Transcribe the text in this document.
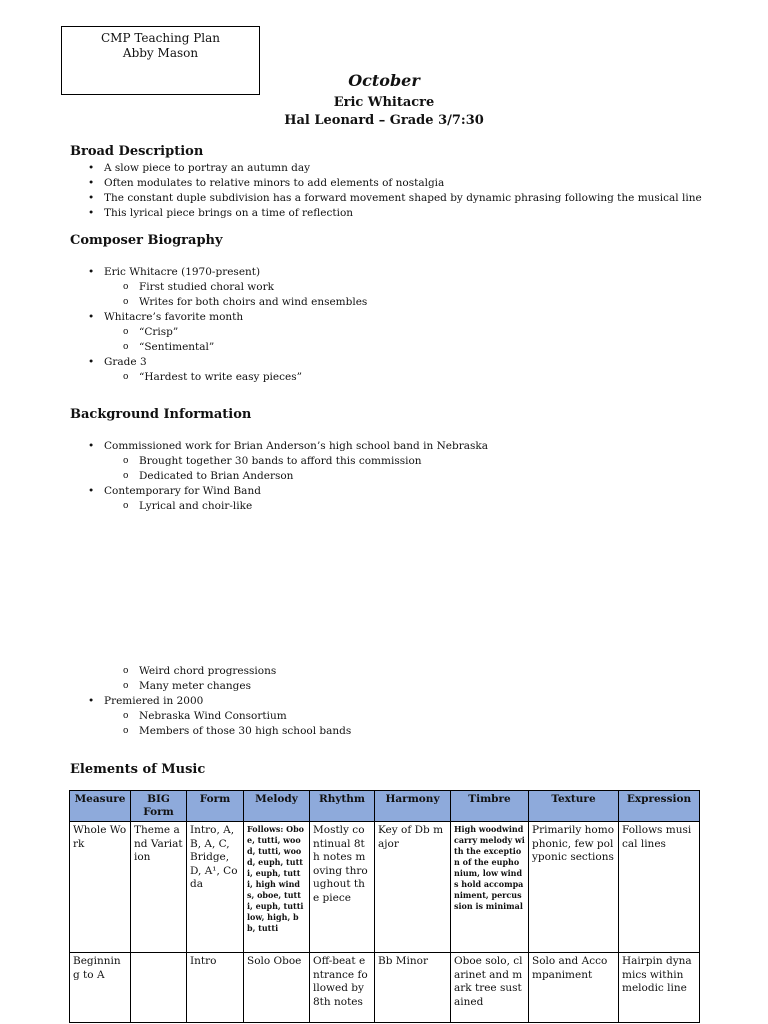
CMP Teaching Plan
Abby Mason
October
Eric Whitacre
Hal Leonard – Grade 3/7:30
Broad Description
• A slow piece to portray an autumn day
• Often modulates to relative minors to add elements of nostalgia
• The constant duple subdivision has a forward movement shaped by dynamic phrasing following the musical line
• This lyrical piece brings on a time of reflection
Composer Biography
• Eric Whitacre (1970-present)
o First studied choral work
o Writes for both choirs and wind ensembles
• Whitacre’s favorite month
o “Crisp”
o “Sentimental”
• Grade 3
o “Hardest to write easy pieces”
Background Information
• Commissioned work for Brian Anderson’s high school band in Nebraska
o Brought together 30 bands to afford this commission
o Dedicated to Brian Anderson
• Contemporary for Wind Band
o Lyrical and choir-like
o Weird chord progressions
o Many meter changes
• Premiered in 2000
o Nebraska Wind Consortium
o Members of those 30 high school bands
Elements of Music
Measure	BIG Form	Form	Melody	Rhythm	Harmony	Timbre	Texture	Expression
Whole Work	Theme and Variation	Intro, A, B, A, C, Bridge, D, A¹, Coda	Follows: Oboe, tutti, wood, tutti, wood, euph, tutti, euph, tutti, high winds, oboe, tutti, euph, tutti low, high, bb, tutti	Mostly continual 8th notes moving throughout the piece	Key of Db major	High woodwind carry melody with the exception of the euphonium, low winds hold accompaniment, percussion is minimal	Primarily homophonic, few polyponic sections	Follows musical lines
Beginning to A		Intro	Solo Oboe	Off-beat entrance followed by 8th notes	Bb Minor	Oboe solo, clarinet and mark tree sustained	Solo and Accompaniment	Hairpin dynamics within melodic line
